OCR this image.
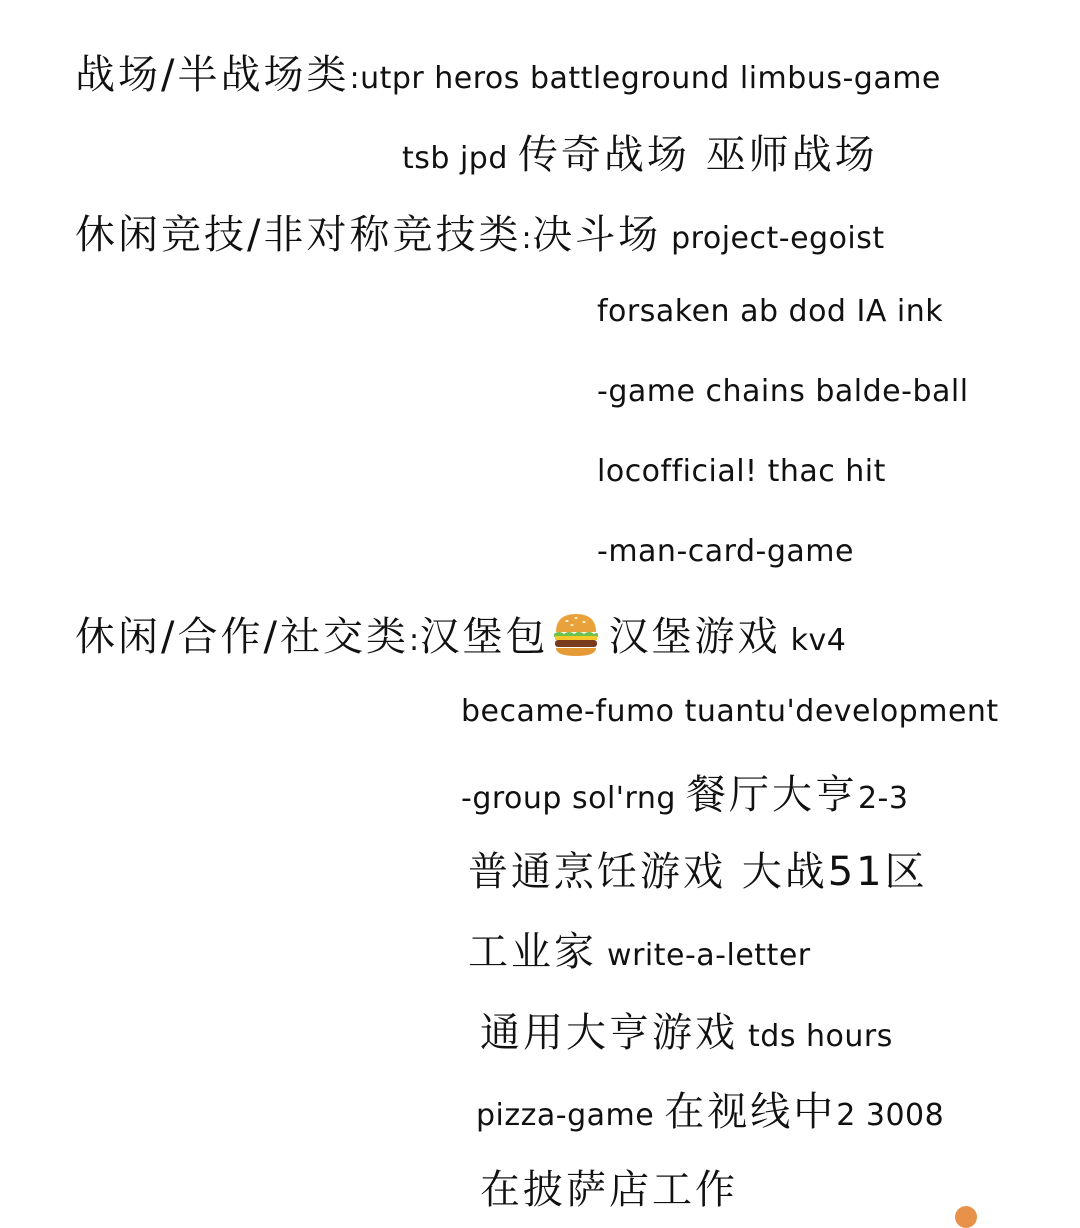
战场/半战场类:utpr heros battleground limbus-game
tsb jpd 传奇战场 巫师战场
休闲竞技/非对称竞技类:决斗场 project-egoist
forsaken ab dod IA ink
-game chains balde-ball
locofficial! thac hit
-man-card-game
休闲/合作/社交类:汉堡包 汉堡游戏 kv4
became-fumo tuantu'development
-group sol'rng 餐厅大亨2-3
普通烹饪游戏 大战51区
工业家 write-a-letter
通用大亨游戏 tds hours
pizza-game 在视线中2 3008
在披萨店工作
